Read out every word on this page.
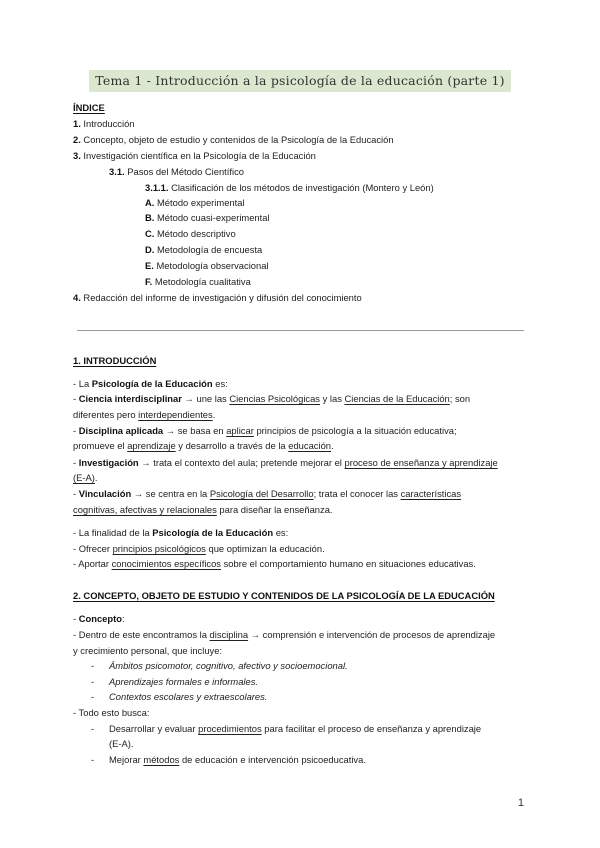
Tema 1 - Introducción a la psicología de la educación (parte 1)
ÍNDICE
1. Introducción
2. Concepto, objeto de estudio y contenidos de la Psicología de la Educación
3. Investigación científica en la Psicología de la Educación
3.1. Pasos del Método Científico
3.1.1. Clasificación de los métodos de investigación (Montero y León)
A. Método experimental
B. Método cuasi-experimental
C. Método descriptivo
D. Metodología de encuesta
E. Metodología observacional
F. Metodología cualitativa
4. Redacción del informe de investigación y difusión del conocimiento
1. INTRODUCCIÓN
- La Psicología de la Educación es:
- Ciencia interdisciplinar → une las Ciencias Psicológicas y las Ciencias de la Educación; son
diferentes pero interdependientes.
- Disciplina aplicada → se basa en aplicar principios de psicología a la situación educativa;
promueve el aprendizaje y desarrollo a través de la educación.
- Investigación → trata el contexto del aula; pretende mejorar el proceso de enseñanza y aprendizaje
(E-A).
- Vinculación → se centra en la Psicología del Desarrollo; trata el conocer las características
cognitivas, afectivas y relacionales para diseñar la enseñanza.
- La finalidad de la Psicología de la Educación es:
- Ofrecer principios psicológicos que optimizan la educación.
- Aportar conocimientos específicos sobre el comportamiento humano en situaciones educativas.
2. CONCEPTO, OBJETO DE ESTUDIO Y CONTENIDOS DE LA PSICOLOGÍA DE LA EDUCACIÓN
- Concepto:
- Dentro de este encontramos la disciplina → comprensión e intervención de procesos de aprendizaje
y crecimiento personal, que incluye:
-	Ámbitos psicomotor, cognitivo, afectivo y socioemocional.
-	Aprendizajes formales e informales.
-	Contextos escolares y extraescolares.
- Todo esto busca:
-	Desarrollar y evaluar procedimientos para facilitar el proceso de enseñanza y aprendizaje
(E-A).
-	Mejorar métodos de educación e intervención psicoeducativa.
1
